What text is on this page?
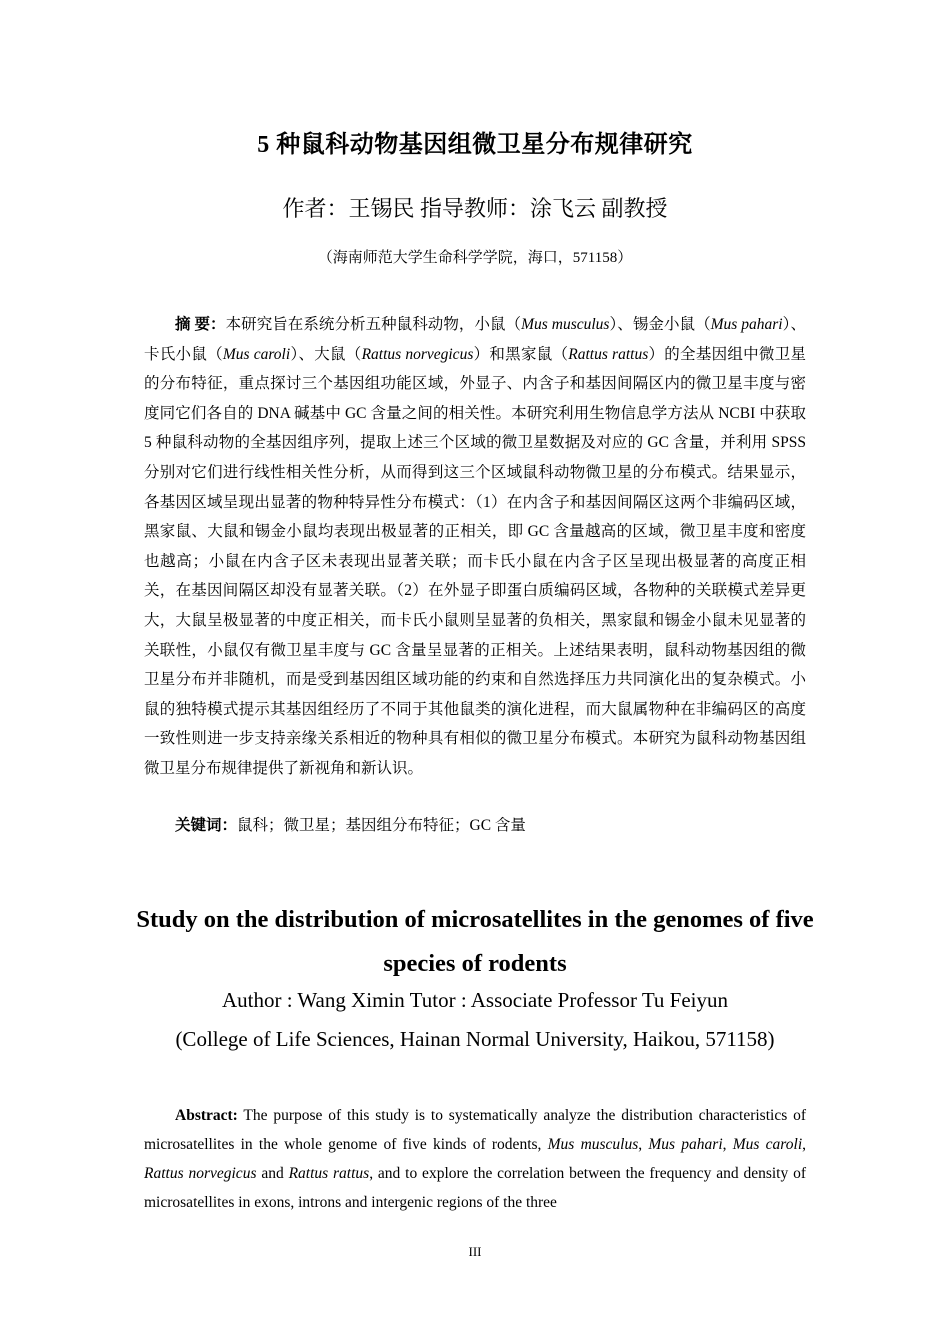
5 种鼠科动物基因组微卫星分布规律研究
作者：王锡民 指导教师：涂飞云 副教授
（海南师范大学生命科学学院，海口，571158）
摘 要：本研究旨在系统分析五种鼠科动物，小鼠（Mus musculus）、锡金小鼠（Mus pahari）、卡氏小鼠（Mus caroli）、大鼠（Rattus norvegicus）和黑家鼠（Rattus rattus）的全基因组中微卫星的分布特征，重点探讨三个基因组功能区域，外显子、内含子和基因间隔区内的微卫星丰度与密度同它们各自的 DNA 碱基中 GC 含量之间的相关性。本研究利用生物信息学方法从 NCBI 中获取 5 种鼠科动物的全基因组序列，提取上述三个区域的微卫星数据及对应的 GC 含量，并利用 SPSS 分别对它们进行线性相关性分析，从而得到这三个区域鼠科动物微卫星的分布模式。结果显示，各基因区域呈现出显著的物种特异性分布模式：（1）在内含子和基因间隔区这两个非编码区域，黑家鼠、大鼠和锡金小鼠均表现出极显著的正相关，即 GC 含量越高的区域，微卫星丰度和密度也越高；小鼠在内含子区未表现出显著关联；而卡氏小鼠在内含子区呈现出极显著的高度正相关，在基因间隔区却没有显著关联。（2）在外显子即蛋白质编码区域，各物种的关联模式差异更大，大鼠呈极显著的中度正相关，而卡氏小鼠则呈显著的负相关，黑家鼠和锡金小鼠未见显著的关联性，小鼠仅有微卫星丰度与 GC 含量呈显著的正相关。上述结果表明，鼠科动物基因组的微卫星分布并非随机，而是受到基因组区域功能的约束和自然选择压力共同演化出的复杂模式。小鼠的独特模式提示其基因组经历了不同于其他鼠类的演化进程，而大鼠属物种在非编码区的高度一致性则进一步支持亲缘关系相近的物种具有相似的微卫星分布模式。本研究为鼠科动物基因组微卫星分布规律提供了新视角和新认识。
关键词：鼠科；微卫星；基因组分布特征；GC 含量
Study on the distribution of microsatellites in the genomes of five species of rodents
Author : Wang Ximin Tutor : Associate Professor Tu Feiyun
(College of Life Sciences, Hainan Normal University, Haikou, 571158)
Abstract: The purpose of this study is to systematically analyze the distribution characteristics of microsatellites in the whole genome of five kinds of rodents, Mus musculus, Mus pahari, Mus caroli, Rattus norvegicus and Rattus rattus, and to explore the correlation between the frequency and density of microsatellites in exons, introns and intergenic regions of the three
III
